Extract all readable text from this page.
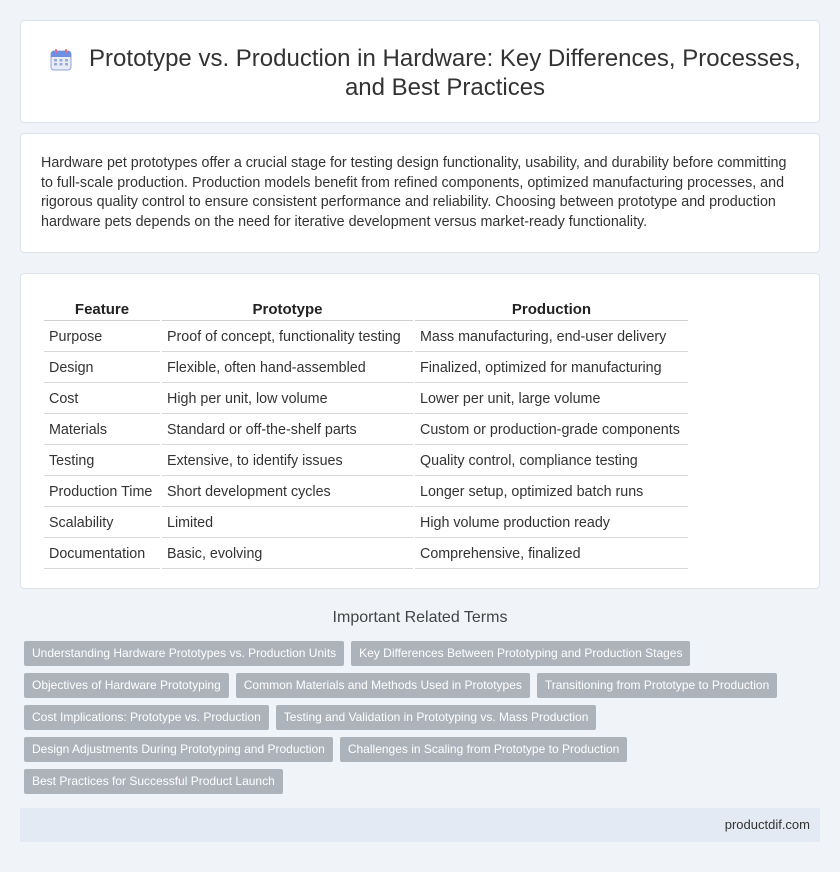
Prototype vs. Production in Hardware: Key Differences, Processes, and Best Practices

Hardware pet prototypes offer a crucial stage for testing design functionality, usability, and durability before committing to full-scale production. Production models benefit from refined components, optimized manufacturing processes, and rigorous quality control to ensure consistent performance and reliability. Choosing between prototype and production hardware pets depends on the need for iterative development versus market-ready functionality.

Feature	Prototype	Production
Purpose	Proof of concept, functionality testing	Mass manufacturing, end-user delivery
Design	Flexible, often hand-assembled	Finalized, optimized for manufacturing
Cost	High per unit, low volume	Lower per unit, large volume
Materials	Standard or off-the-shelf parts	Custom or production-grade components
Testing	Extensive, to identify issues	Quality control, compliance testing
Production Time	Short development cycles	Longer setup, optimized batch runs
Scalability	Limited	High volume production ready
Documentation	Basic, evolving	Comprehensive, finalized
Important Related Terms
Understanding Hardware Prototypes vs. Production Units	Key Differences Between Prototyping and Production Stages
Objectives of Hardware Prototyping	Common Materials and Methods Used in Prototypes	Transitioning from Prototype to Production
Cost Implications: Prototype vs. Production	Testing and Validation in Prototyping vs. Mass Production
Design Adjustments During Prototyping and Production	Challenges in Scaling from Prototype to Production
Best Practices for Successful Product Launch
productdif.com
